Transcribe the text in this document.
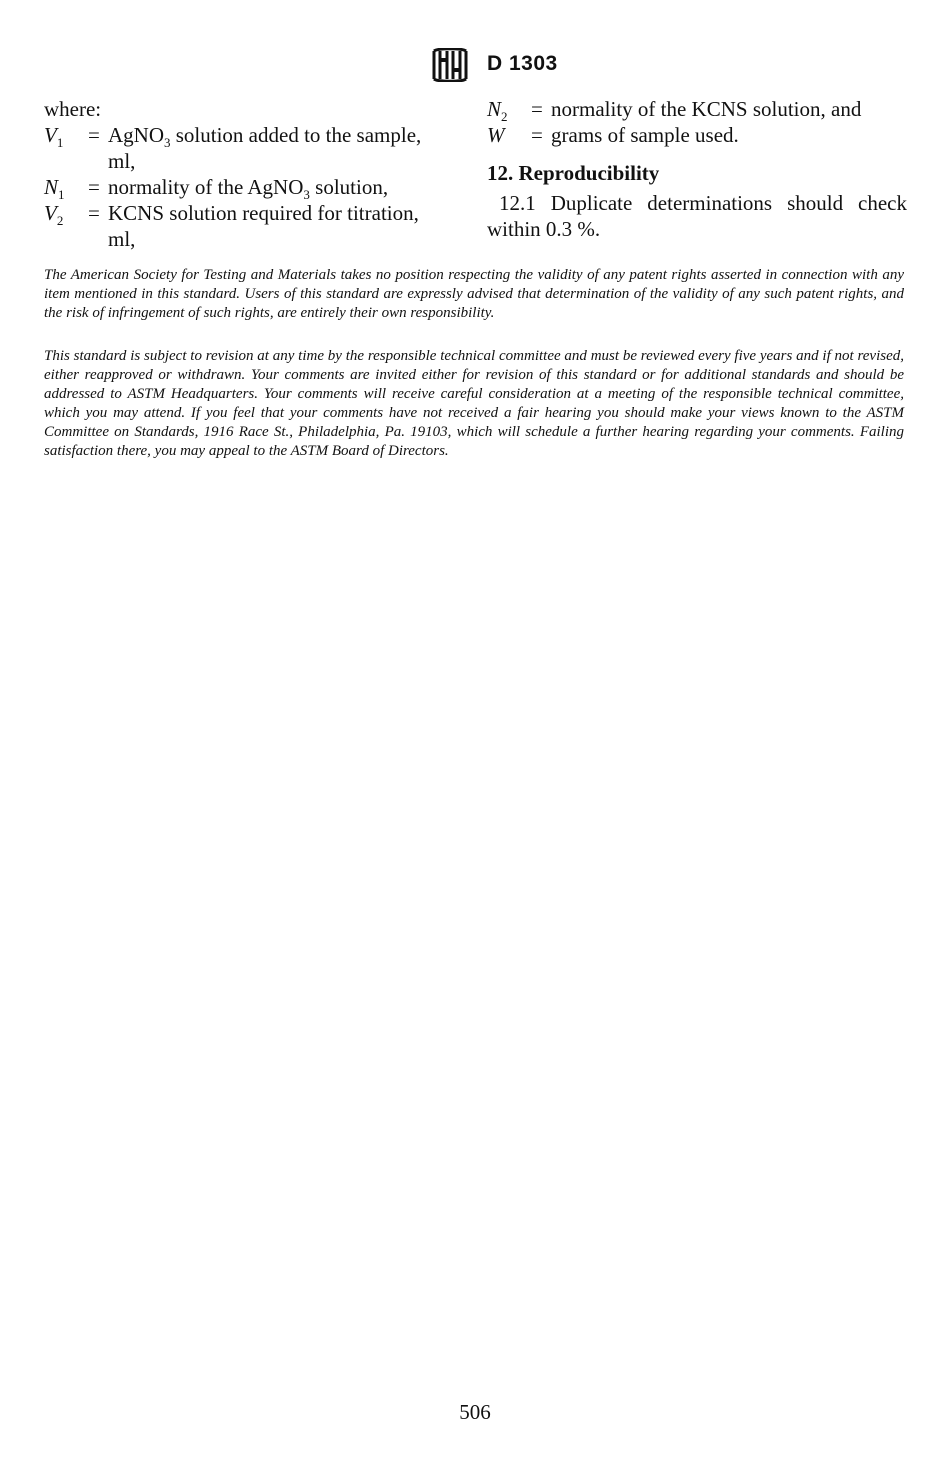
D 1303
where:
$V_1$	= AgNO$_3$ solution added to the sample,
ml,
$N_1$	= normality of the AgNO$_3$ solution,
$V_2$	= KCNS solution required for titration,
ml,
$N_2$	= normality of the KCNS solution, and
W	= grams of sample used.
12. Reproducibility
12.1 Duplicate determinations should check within 0.3 %.
The American Society for Testing and Materials takes no position respecting the validity of any patent rights asserted in connection with any item mentioned in this standard. Users of this standard are expressly advised that determination of the validity of any such patent rights, and the risk of infringement of such rights, are entirely their own responsibility.
This standard is subject to revision at any time by the responsible technical committee and must be reviewed every five years and if not revised, either reapproved or withdrawn. Your comments are invited either for revision of this standard or for additional standards and should be addressed to ASTM Headquarters. Your comments will receive careful consideration at a meeting of the responsible technical committee, which you may attend. If you feel that your comments have not received a fair hearing you should make your views known to the ASTM Committee on Standards, 1916 Race St., Philadelphia, Pa. 19103, which will schedule a further hearing regarding your comments. Failing satisfaction there, you may appeal to the ASTM Board of Directors.
506
